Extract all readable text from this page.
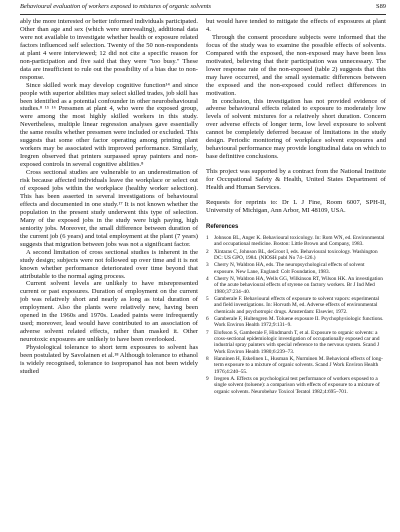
Behavioural evaluation of workers exposed to mixtures of organic solvents	S89

ably the more interested or better informed individuals participated. Other than age and sex (which were unrevealing), additional data were not available to investigate whether health or exposure related factors influenced self selection. Twenty of the 50 non-respondents at plant 4 were interviewed; 12 did not cite a specific reason for non-participation and five said that they were "too busy." These data are insufficient to rule out the possibility of a bias due to non-response.

Since skilled work may develop cognitive function¹⁴ and since people with superior abilities may select skilled trades, job skill has been identified as a potential confounder in other neurobehavioural studies.⁸ ¹⁵ ¹⁶ Pressmen at plant 4, who were the exposed group, were among the most highly skilled workers in this study. Nevertheless, multiple linear regression analyses gave essentially the same results whether pressmen were included or excluded. This suggests that some other factor operating among printing plant workers may be associated with improved performance. Similarly, Iregren observed that printers surpassed spray painters and non-exposed controls in several cognitive abilities.⁸

Cross sectional studies are vulnerable to an underestimation of risk because affected individuals leave the workplace or select out of exposed jobs within the workplace (healthy worker selection). This has been asserted in several investigations of behavioural effects and documented in one study.¹⁷ It is not known whether the population in the present study underwent this type of selection. Many of the exposed jobs in the study were high paying, high seniority jobs. Moreover, the small difference between duration of the current job (6 years) and total employment at the plant (7 years) suggests that migration between jobs was not a significant factor.

A second limitation of cross sectional studies is inherent in the study design; subjects were not followed up over time and it is not known whether performance deteriorated over time beyond that attributable to the normal aging process.

Current solvent levels are unlikely to have misrepresented current or past exposures. Duration of employment on the current job was relatively short and nearly as long as total duration of employment. Also the plants were relatively new, having been opened in the 1960s and 1970s. Leaded paints were infrequently used; moreover, lead would have contributed to an association of adverse solvent related effects, rather than masked it. Other neurotoxic exposures are unlikely to have been overlooked.

Physiological tolerance to short term exposures to solvent has been postulated by Savolainen et al.¹⁸ Although tolerance to ethanol is widely recognised, tolerance to isopropanol has not been widely studied

but would have tended to mitigate the effects of exposures at plant 4.

Through the consent procedure subjects were informed that the focus of the study was to examine the possible effects of solvents. Compared with the exposed, the non-exposed may have been less motivated, believing that their participation was unnecessary. The lower response rate of the non-exposed (table 2) suggests that this may have occurred, and the small systematic differences between the exposed and the non-exposed could reflect differences in motivation.

In conclusion, this investigation has not provided evidence of adverse behavioural effects related to exposure to moderately low levels of solvent mixtures for a relatively short duration. Concern over adverse effects of longer term, low level exposure to solvent cannot be completely deferred because of limitations in the study design. Periodic monitoring of workplace solvent exposures and behavioural performance may provide longitudinal data on which to base definitive conclusions.

This project was supported by a contract from the National Institute for Occupational Safety & Health, United States Department of Health and Human Services.

Requests for reprints to: Dr L J Fine, Room 6007, SPH-II, University of Michigan, Ann Arbor, MI 48109, USA.

References
1 Johnson BL, Anger K. Behavioural toxicology. In: Rom WN, ed. Environmental and occupational medicine. Boston: Little Brown and Company, 1983.
2 Xintaras C, Johnson BL, deGroot I, eds. Behavioural toxicology. Washington DC: US GPO, 1984. (NIOSH publ No 74–126.)
3 Cherry N, Waldron HA, eds. The neuropsychological effects of solvent exposure. New Lane, England: Colt Foundation, 1983.
4 Cherry N, Waldron HA, Wells GG, Wilkinson RT, Wilson HK. An investigation of the acute behavioural effects of styrene on factory workers. Br J Ind Med 1980;37:234–40.
5 Gamberale F. Behavioural effects of exposure to solvent vapors: experimental and field investigations. In: Horvath M, ed. Adverse effects of environmental chemicals and psychotropic drugs. Amsterdam: Elsevier, 1972.
6 Gamberale F, Hultengren M. Toluene exposure II. Psychophysiologic functions. Work Environ Health 1972;9:131–9.
7 Elofsson S, Gamberale F, Hindmarsh T, et al. Exposure to organic solvents: a cross-sectional epidemiologic investigation of occupationally exposed car and industrial spray painters with special reference to the nervous system. Scand J Work Environ Health 1980;6:239–73.
8 Hanninen H, Eskelinen L, Husman K, Nurminen M. Behavioral effects of long-term exposure to a mixture of organic solvents. Scand J Work Environ Health 1976;4:240–55.
9 Iregren A. Effects on psychological test performance of workers exposed to a single solvent (toluene): a comparison with effects of exposure to a mixture of organic solvents. Neurobehav Toxicol Teratol 1982;4:695–701.
